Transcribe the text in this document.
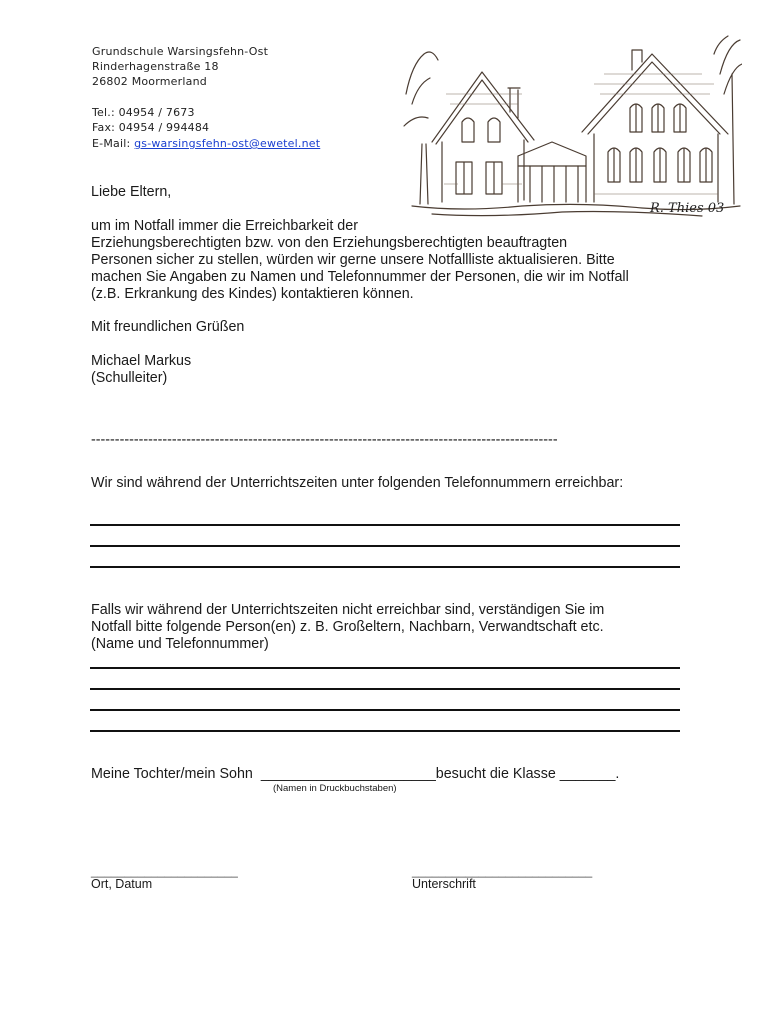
Grundschule Warsingsfehn-Ost
Rinderhagenstraße 18
26802 Moormerland
Tel.: 04954 / 7673
Fax: 04954 / 994484
E-Mail: gs-warsingsfehn-ost@ewetel.net
R. Thies 03
Liebe Eltern,
um im Notfall immer die Erreichbarkeit der
Erziehungsberechtigten bzw. von den Erziehungsberechtigten beauftragten
Personen sicher zu stellen, würden wir gerne unsere Notfallliste aktualisieren. Bitte
machen Sie Angaben zu Namen und Telefonnummer der Personen, die wir im Notfall
(z.B. Erkrankung des Kindes) kontaktieren können.
Mit freundlichen Grüßen
Michael Markus
(Schulleiter)
--------------------------------------------------------------------------------------------------
Wir sind während der Unterrichtszeiten unter folgenden Telefonnummern erreichbar:
Falls wir während der Unterrichtszeiten nicht erreichbar sind, verständigen Sie im
Notfall bitte folgende Person(en) z. B. Großeltern, Nachbarn, Verwandtschaft etc.
(Name und Telefonnummer)
Meine Tochter/mein Sohn ______________________besucht die Klasse _______.
(Namen in Druckbuchstaben)
______________________
Ort, Datum
___________________________
Unterschrift
